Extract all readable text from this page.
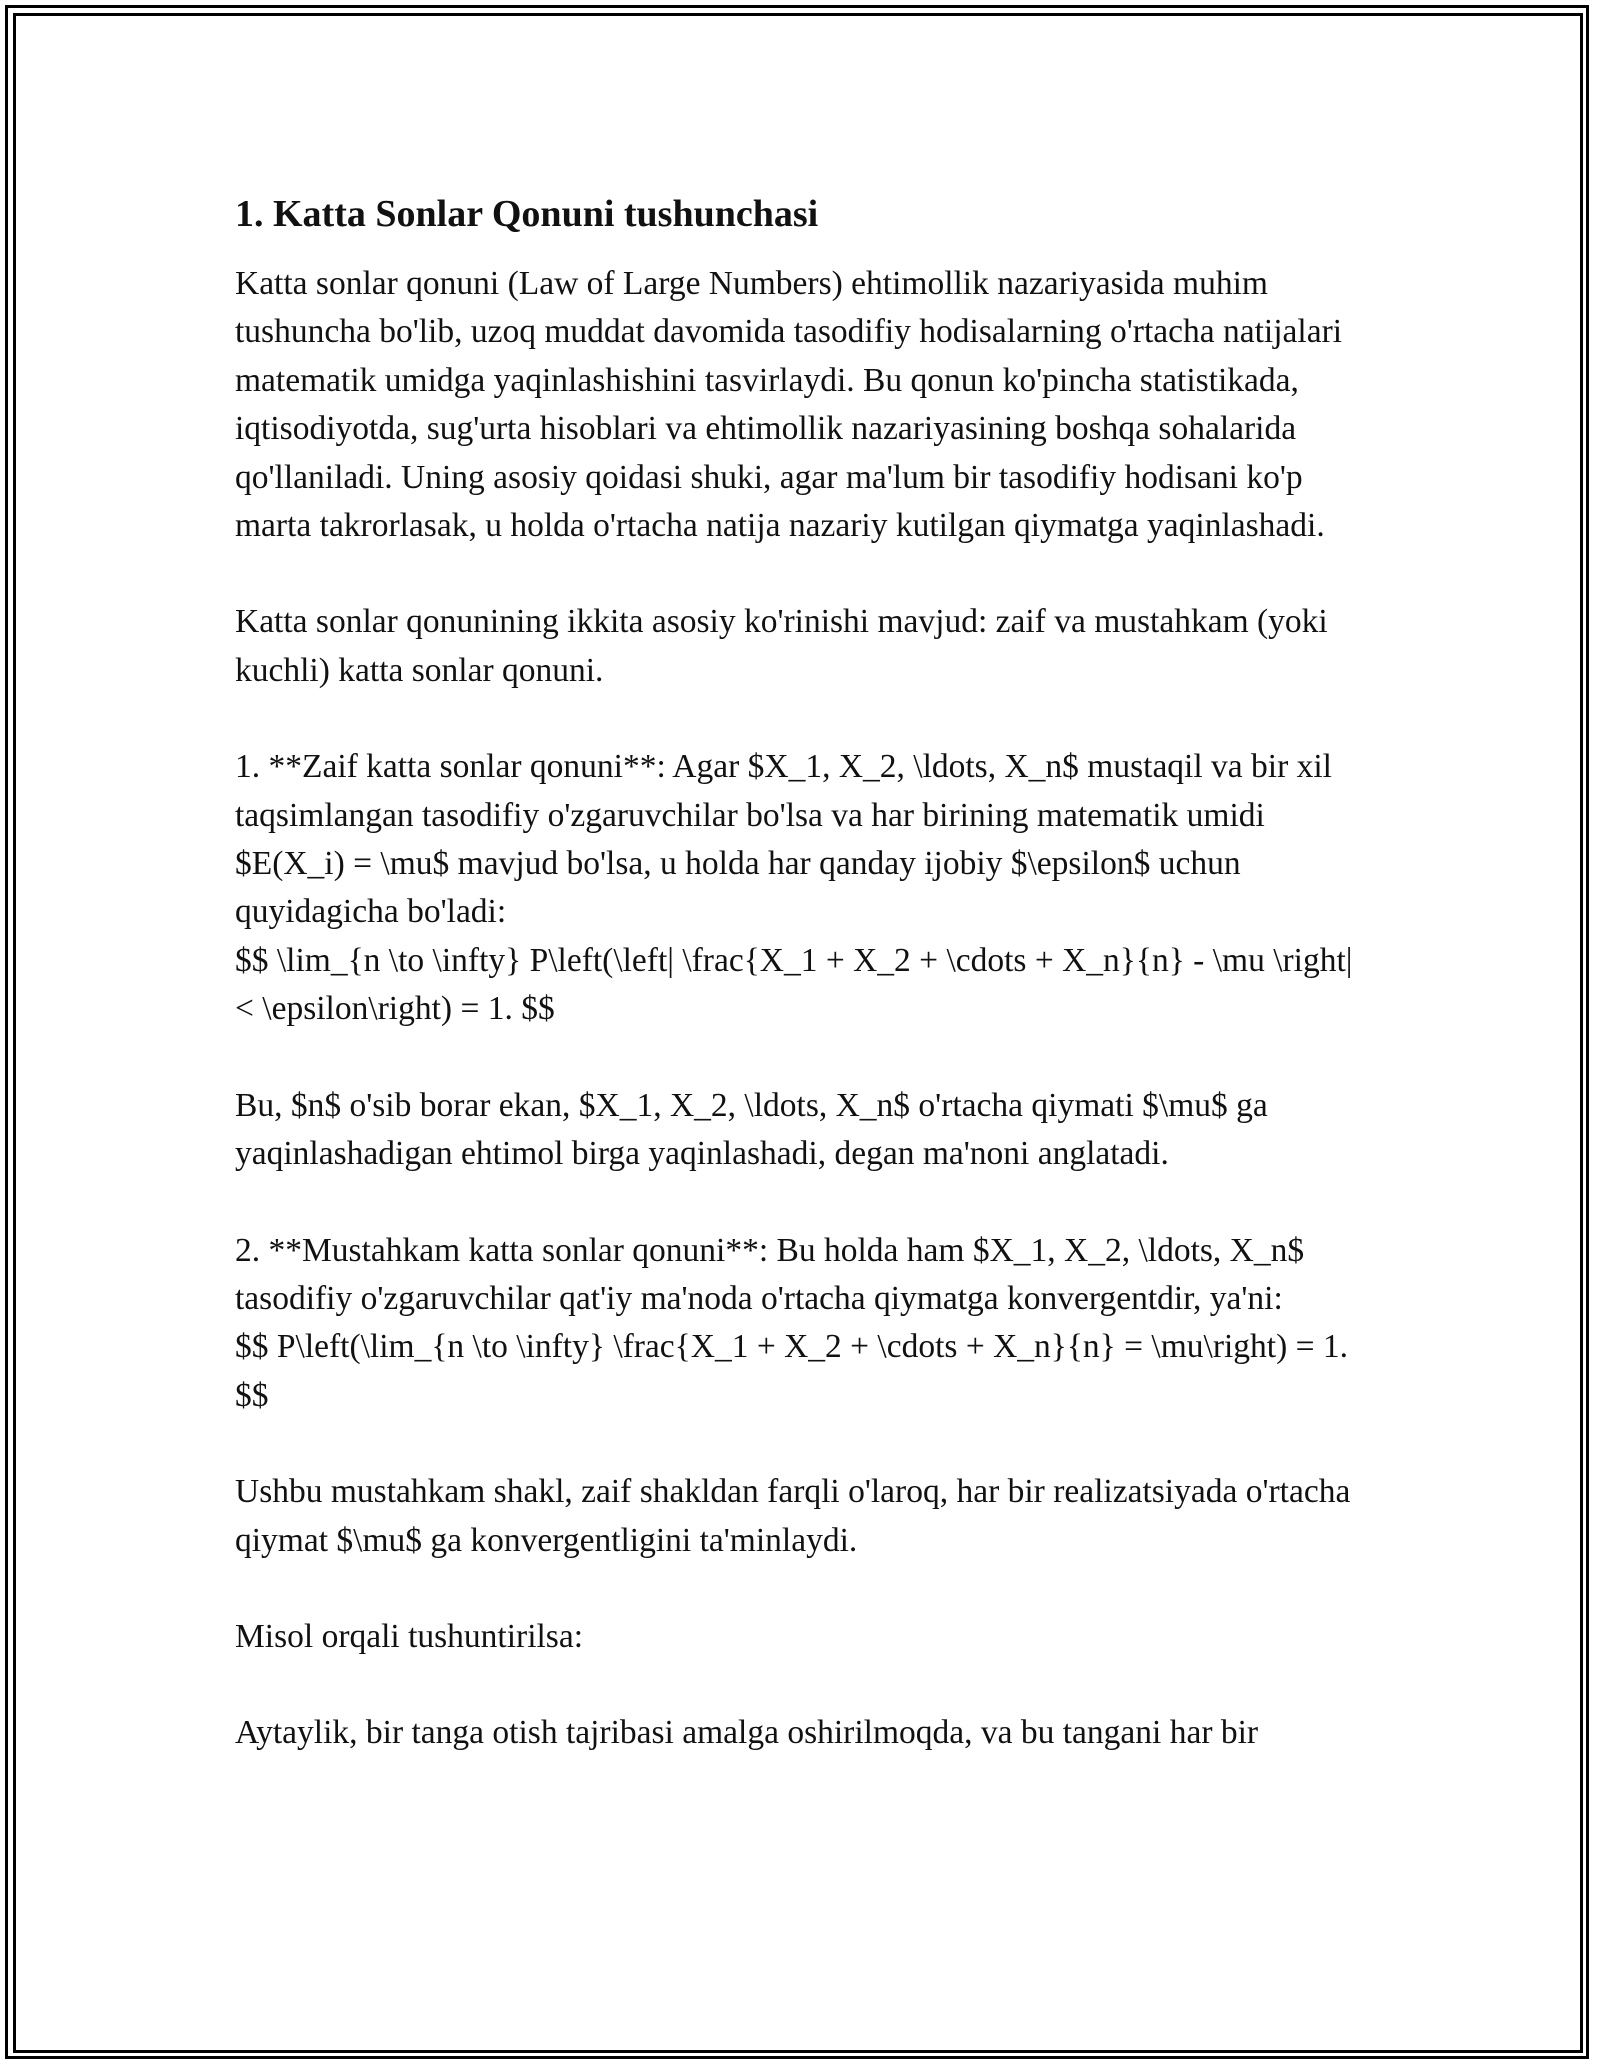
1. Katta Sonlar Qonuni tushunchasi

Katta sonlar qonuni (Law of Large Numbers) ehtimollik nazariyasida muhim tushuncha bo'lib, uzoq muddat davomida tasodifiy hodisalarning o'rtacha natijalari matematik umidga yaqinlashishini tasvirlaydi. Bu qonun ko'pincha statistikada, iqtisodiyotda, sug'urta hisoblari va ehtimollik nazariyasining boshqa sohalarida qo'llaniladi. Uning asosiy qoidasi shuki, agar ma'lum bir tasodifiy hodisani ko'p marta takrorlasak, u holda o'rtacha natija nazariy kutilgan qiymatga yaqinlashadi.

Katta sonlar qonunining ikkita asosiy ko'rinishi mavjud: zaif va mustahkam (yoki kuchli) katta sonlar qonuni.

1. **Zaif katta sonlar qonuni**: Agar $X_1, X_2, \ldots, X_n$ mustaqil va bir xil taqsimlangan tasodifiy o'zgaruvchilar bo'lsa va har birining matematik umidi $E(X_i) = \mu$ mavjud bo'lsa, u holda har qanday ijobiy $\epsilon$ uchun quyidagicha bo'ladi:
$$ \lim_{n \to \infty} P\left(\left| \frac{X_1 + X_2 + \cdots + X_n}{n} - \mu \right| < \epsilon\right) = 1. $$

Bu, $n$ o'sib borar ekan, $X_1, X_2, \ldots, X_n$ o'rtacha qiymati $\mu$ ga yaqinlashadigan ehtimol birga yaqinlashadi, degan ma'noni anglatadi.

2. **Mustahkam katta sonlar qonuni**: Bu holda ham $X_1, X_2, \ldots, X_n$ tasodifiy o'zgaruvchilar qat'iy ma'noda o'rtacha qiymatga konvergentdir, ya'ni:
$$ P\left(\lim_{n \to \infty} \frac{X_1 + X_2 + \cdots + X_n}{n} = \mu\right) = 1. $$

Ushbu mustahkam shakl, zaif shakldan farqli o'laroq, har bir realizatsiyada o'rtacha qiymat $\mu$ ga konvergentligini ta'minlaydi.

Misol orqali tushuntirilsa:

Aytaylik, bir tanga otish tajribasi amalga oshirilmoqda, va bu tangani har bir
